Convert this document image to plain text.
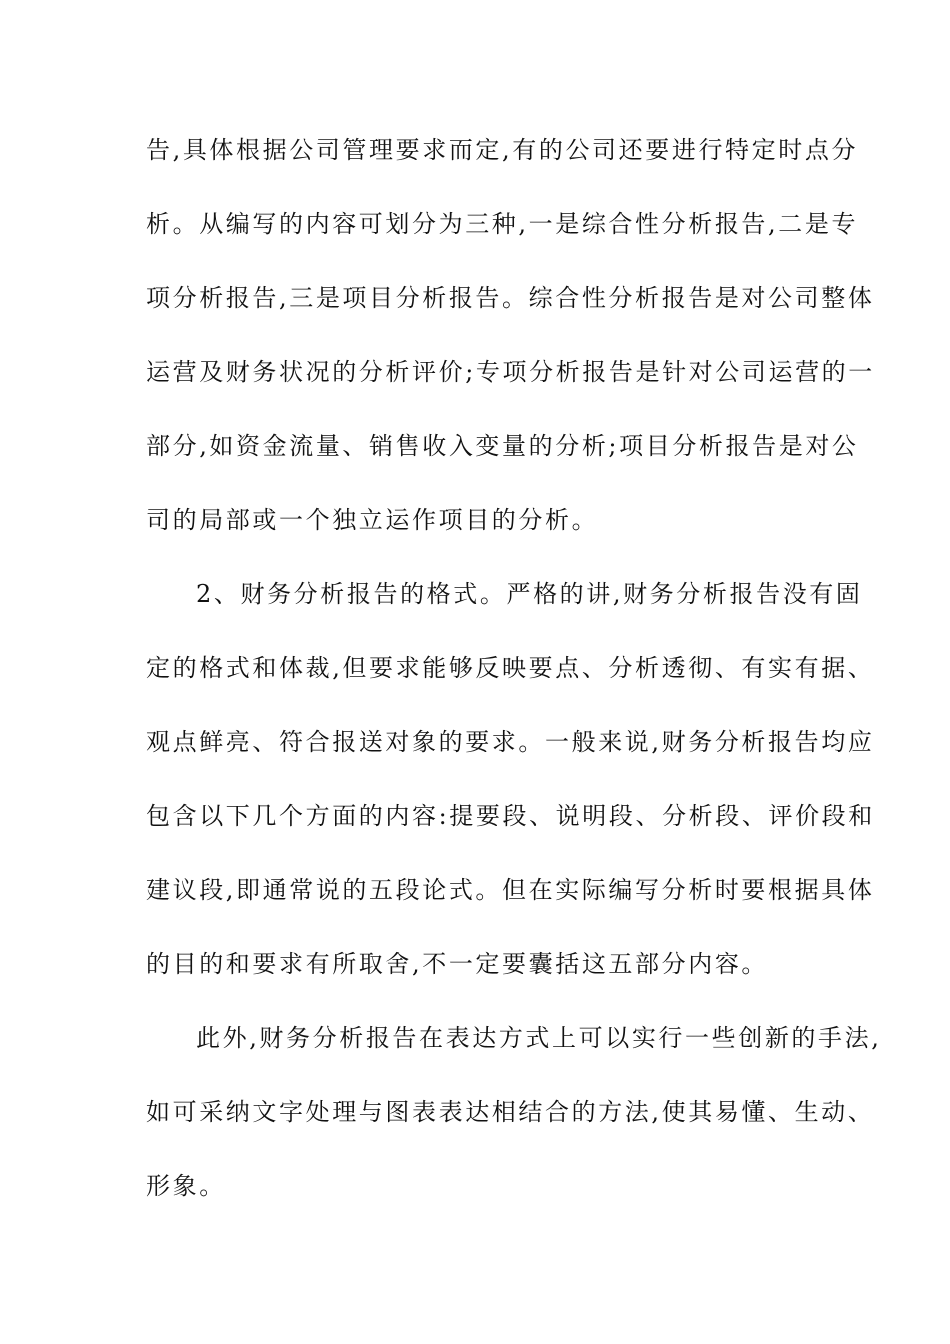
告,具体根据公司管理要求而定,有的公司还要进行特定时点分
析。从编写的内容可划分为三种,一是综合性分析报告,二是专
项分析报告,三是项目分析报告。综合性分析报告是对公司整体
运营及财务状况的分析评价;专项分析报告是针对公司运营的一
部分,如资金流量、销售收入变量的分析;项目分析报告是对公
司的局部或一个独立运作项目的分析。
2、财务分析报告的格式。严格的讲,财务分析报告没有固
定的格式和体裁,但要求能够反映要点、分析透彻、有实有据、
观点鲜亮、符合报送对象的要求。一般来说,财务分析报告均应
包含以下几个方面的内容:提要段、说明段、分析段、评价段和
建议段,即通常说的五段论式。但在实际编写分析时要根据具体
的目的和要求有所取舍,不一定要囊括这五部分内容。
此外,财务分析报告在表达方式上可以实行一些创新的手法,
如可采纳文字处理与图表表达相结合的方法,使其易懂、生动、
形象。
